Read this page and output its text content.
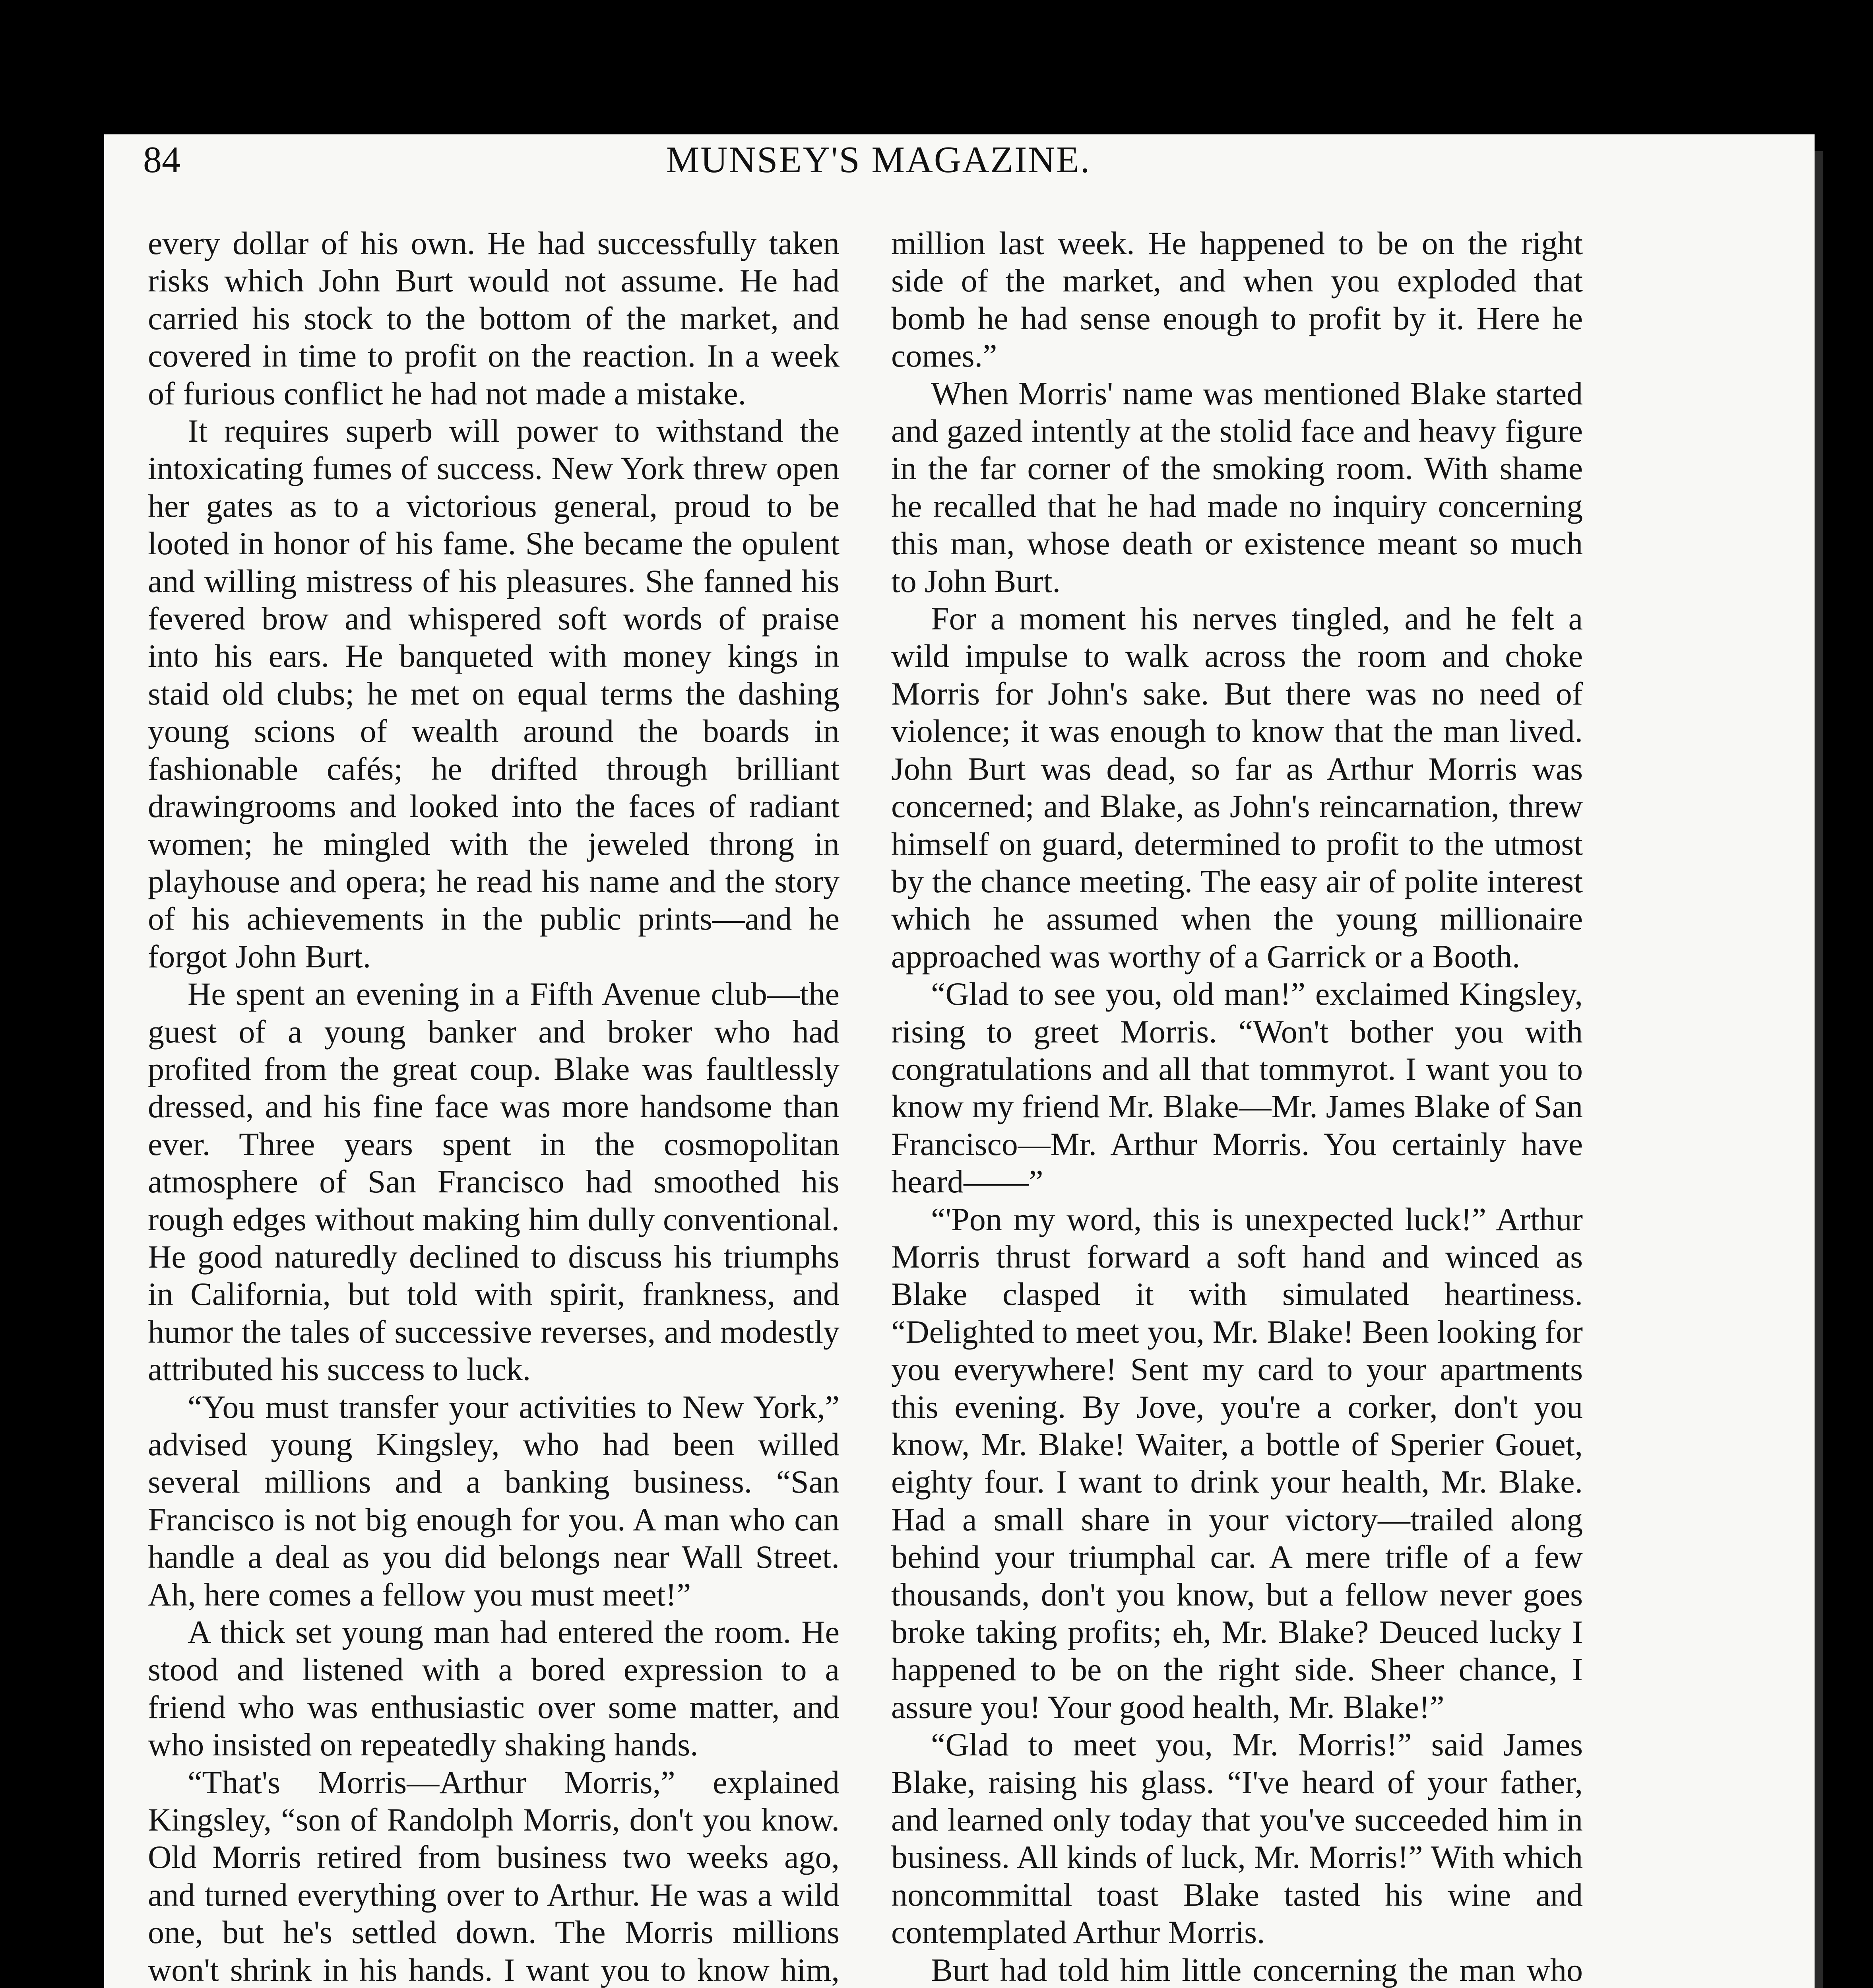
84	MUNSEY'S MAGAZINE.

every dollar of his own. He had successfully taken risks which John Burt would not assume. He had carried his stock to the bottom of the market, and covered in time to profit on the reaction. In a week of furious conflict he had not made a mistake.

It requires superb will power to withstand the intoxicating fumes of success. New York threw open her gates as to a victorious general, proud to be looted in honor of his fame. She became the opulent and willing mistress of his pleasures. She fanned his fevered brow and whispered soft words of praise into his ears. He banqueted with money kings in staid old clubs; he met on equal terms the dashing young scions of wealth around the boards in fashionable cafés; he drifted through brilliant drawingrooms and looked into the faces of radiant women; he mingled with the jeweled throng in playhouse and opera; he read his name and the story of his achievements in the public prints—and he forgot John Burt.

He spent an evening in a Fifth Avenue club—the guest of a young banker and broker who had profited from the great coup. Blake was faultlessly dressed, and his fine face was more handsome than ever. Three years spent in the cosmopolitan atmosphere of San Francisco had smoothed his rough edges without making him dully conventional. He good naturedly declined to discuss his triumphs in California, but told with spirit, frankness, and humor the tales of successive reverses, and modestly attributed his success to luck.

“You must transfer your activities to New York,” advised young Kingsley, who had been willed several millions and a banking business. “San Francisco is not big enough for you. A man who can handle a deal as you did belongs near Wall Street. Ah, here comes a fellow you must meet!”

A thick set young man had entered the room. He stood and listened with a bored expression to a friend who was enthusiastic over some matter, and who insisted on repeatedly shaking hands.

“That's Morris—Arthur Morris,” explained Kingsley, “son of Randolph Morris, don't you know. Old Morris retired from business two weeks ago, and turned everything over to Arthur. He was a wild one, but he's settled down. The Morris millions won't shrink in his hands. I want you to know him,

million last week. He happened to be on the right side of the market, and when you exploded that bomb he had sense enough to profit by it. Here he comes.”

When Morris' name was mentioned Blake started and gazed intently at the stolid face and heavy figure in the far corner of the smoking room. With shame he recalled that he had made no inquiry concerning this man, whose death or existence meant so much to John Burt.

For a moment his nerves tingled, and he felt a wild impulse to walk across the room and choke Morris for John's sake. But there was no need of violence; it was enough to know that the man lived. John Burt was dead, so far as Arthur Morris was concerned; and Blake, as John's reincarnation, threw himself on guard, determined to profit to the utmost by the chance meeting. The easy air of polite interest which he assumed when the young millionaire approached was worthy of a Garrick or a Booth.

“Glad to see you, old man!” exclaimed Kingsley, rising to greet Morris. “Won't bother you with congratulations and all that tommyrot. I want you to know my friend Mr. Blake—Mr. James Blake of San Francisco—Mr. Arthur Morris. You certainly have heard——”

“'Pon my word, this is unexpected luck!” Arthur Morris thrust forward a soft hand and winced as Blake clasped it with simulated heartiness. “Delighted to meet you, Mr. Blake! Been looking for you everywhere! Sent my card to your apartments this evening. By Jove, you're a corker, don't you know, Mr. Blake! Waiter, a bottle of Sperier Gouet, eighty four. I want to drink your health, Mr. Blake. Had a small share in your victory—trailed along behind your triumphal car. A mere trifle of a few thousands, don't you know, but a fellow never goes broke taking profits; eh, Mr. Blake? Deuced lucky I happened to be on the right side. Sheer chance, I assure you! Your good health, Mr. Blake!”

“Glad to meet you, Mr. Morris!” said James Blake, raising his glass. “I've heard of your father, and learned only today that you've succeeded him in business. All kinds of luck, Mr. Morris!” With which noncommittal toast Blake tasted his wine and contemplated Arthur Morris.

Burt had told him little concerning the man who
